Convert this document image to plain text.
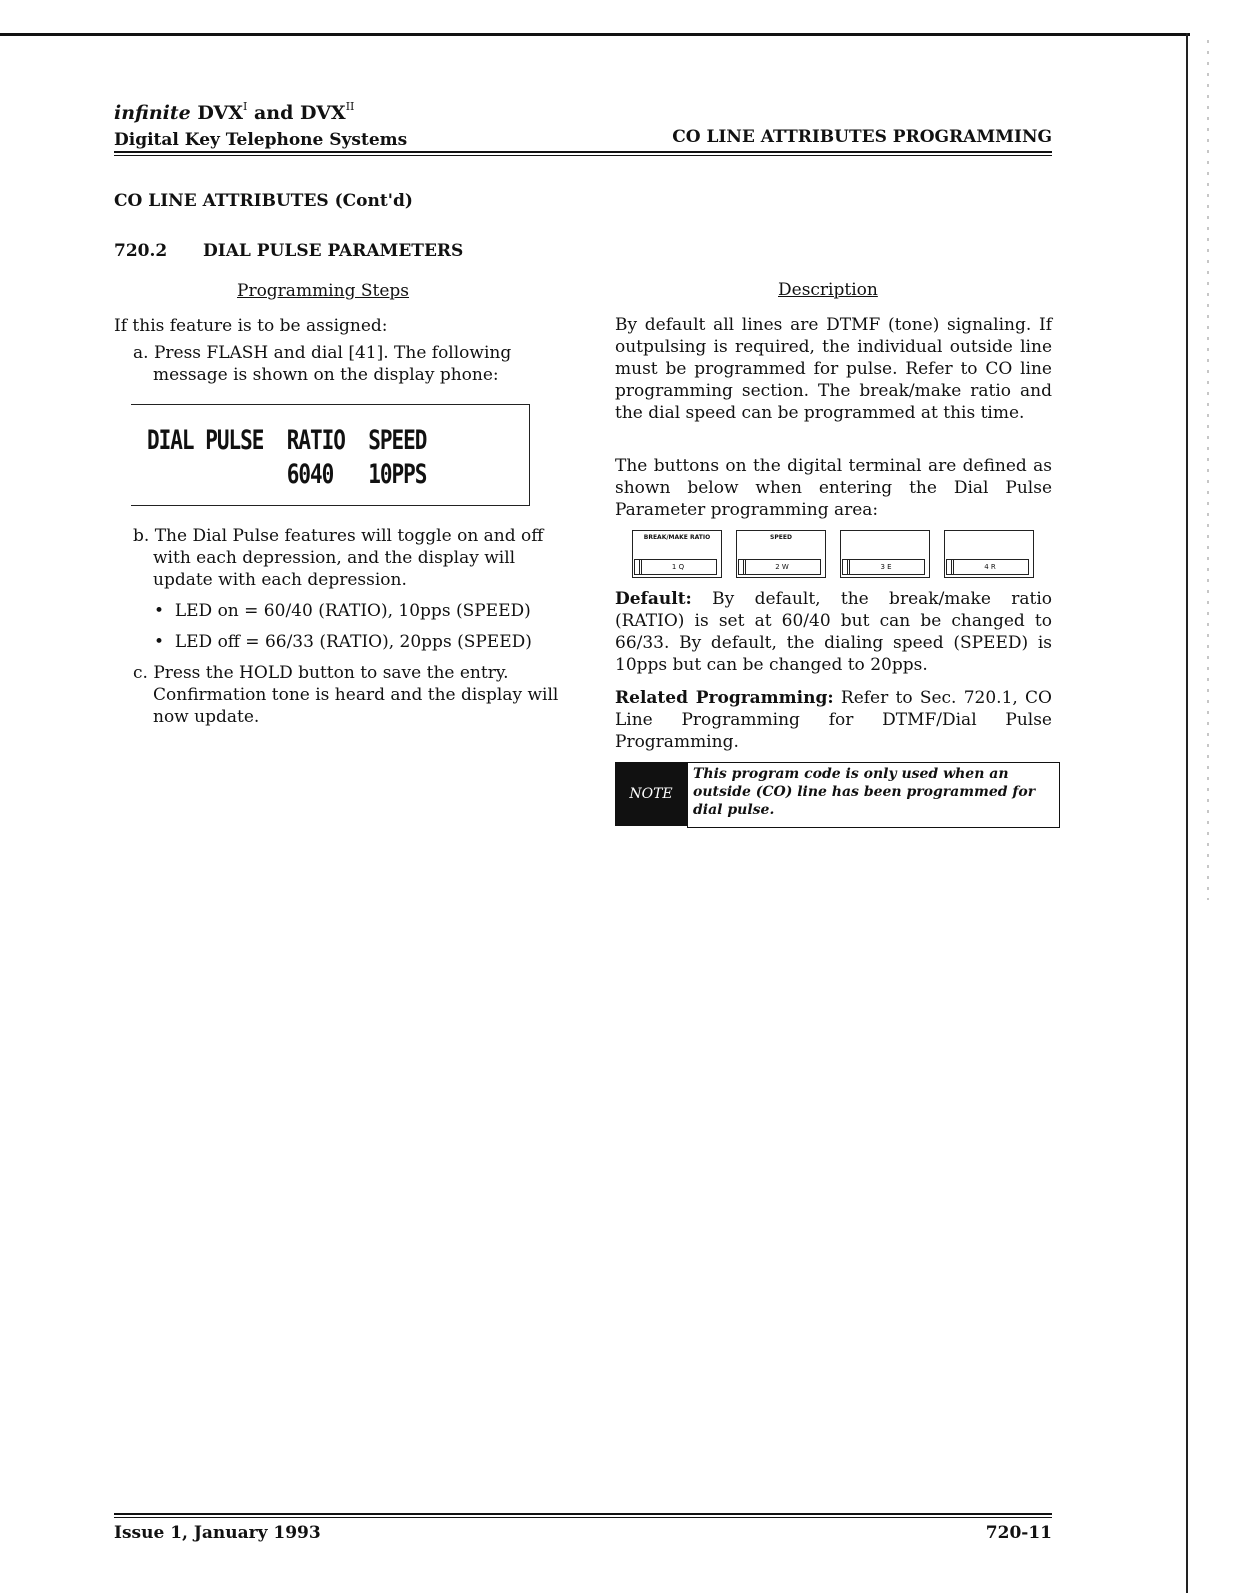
infinite $DVX^I$ and $DVX^{II}$
Digital Key Telephone Systems	CO LINE ATTRIBUTES PROGRAMMING
CO LINE ATTRIBUTES (Cont'd)
720.2 DIAL PULSE PARAMETERS
Programming Steps
If this feature is to be assigned:
a. Press FLASH and dial [41]. The following message is shown on the display phone:
DIAL PULSE  RATIO  SPEED
6040   10PPS
b. The Dial Pulse features will toggle on and off with each depression, and the display will update with each depression.
•  LED on = 60/40 (RATIO), 10pps (SPEED)
•  LED off = 66/33 (RATIO), 20pps (SPEED)
c. Press the HOLD button to save the entry. Confirmation tone is heard and the display will now update.
Description
By default all lines are DTMF (tone) signaling. If outpulsing is required, the individual outside line must be programmed for pulse. Refer to CO line programming section. The break/make ratio and the dial speed can be programmed at this time.
The buttons on the digital terminal are defined as shown below when entering the Dial Pulse Parameter programming area:
BREAK/MAKE RATIO
1 Q
SPEED
2 W	3 E	4 R
Default: By default, the break/make ratio (RATIO) is set at 60/40 but can be changed to 66/33. By default, the dialing speed (SPEED) is 10pps but can be changed to 20pps.
Related Programming: Refer to Sec. 720.1, CO Line Programming for DTMF/Dial Pulse Programming.
NOTE
This program code is only used when an outside (CO) line has been programmed for dial pulse.
Issue 1, January 1993	720-11
